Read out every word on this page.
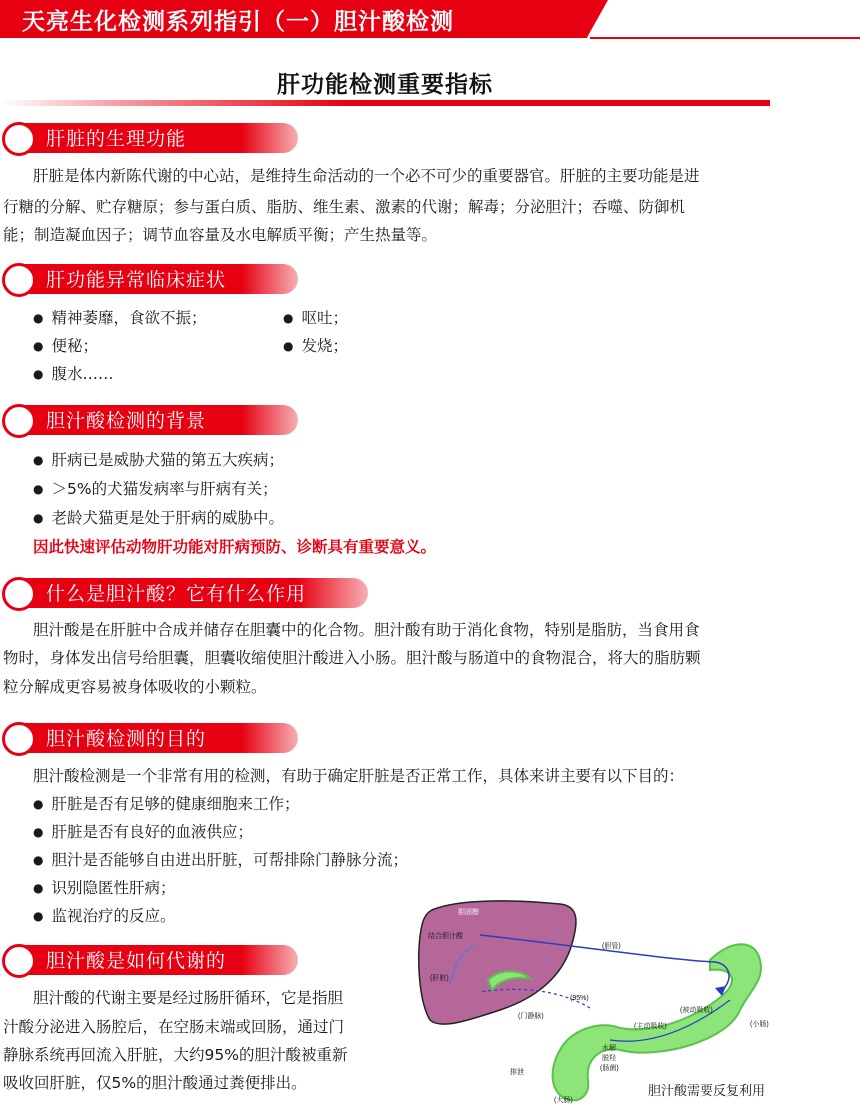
天亮生化检测系列指引（一）胆汁酸检测
肝功能检测重要指标
肝脏的生理功能
肝脏是体内新陈代谢的中心站，是维持生命活动的一个必不可少的重要器官。肝脏的主要功能是进
行糖的分解、贮存糖原；参与蛋白质、脂肪、维生素、激素的代谢；解毒；分泌胆汁；吞噬、防御机
能；制造凝血因子；调节血容量及水电解质平衡；产生热量等。
肝功能异常临床症状
● 精神萎靡，食欲不振；	● 呕吐；
● 便秘；	● 发烧；
● 腹水……
胆汁酸检测的背景
● 肝病已是威胁犬猫的第五大疾病；
● ＞5%的犬猫发病率与肝病有关；
● 老龄犬猫更是处于肝病的威胁中。
因此快速评估动物肝功能对肝病预防、诊断具有重要意义。
什么是胆汁酸？它有什么作用
胆汁酸是在肝脏中合成并储存在胆囊中的化合物。胆汁酸有助于消化食物，特别是脂肪，当食用食
物时，身体发出信号给胆囊，胆囊收缩使胆汁酸进入小肠。胆汁酸与肠道中的食物混合，将大的脂肪颗
粒分解成更容易被身体吸收的小颗粒。
胆汁酸检测的目的
胆汁酸检测是一个非常有用的检测，有助于确定肝脏是否正常工作，具体来讲主要有以下目的：
● 肝脏是否有足够的健康细胞来工作；
● 肝脏是否有良好的血液供应；
● 胆汁是否能够自由进出肝脏，可帮排除门静脉分流；
● 识别隐匿性肝病；
● 监视治疗的反应。
胆汁酸是如何代谢的
胆汁酸的代谢主要是经过肠肝循环，它是指胆
汁酸分泌进入肠腔后，在空肠末端或回肠，通过门
静脉系统再回流入肝脏，大约95%的胆汁酸被重新
吸收回肝脏，仅5%的胆汁酸通过粪便排出。
胆固醇
结合胆汁酸
(肝脏)
(胆管)
(95%)
(门静脉)
(被动吸收)
(主动吸收)	(小肠)
水解
脱羟
(肠菌)
排泄
(大肠)
胆汁酸需要反复利用
